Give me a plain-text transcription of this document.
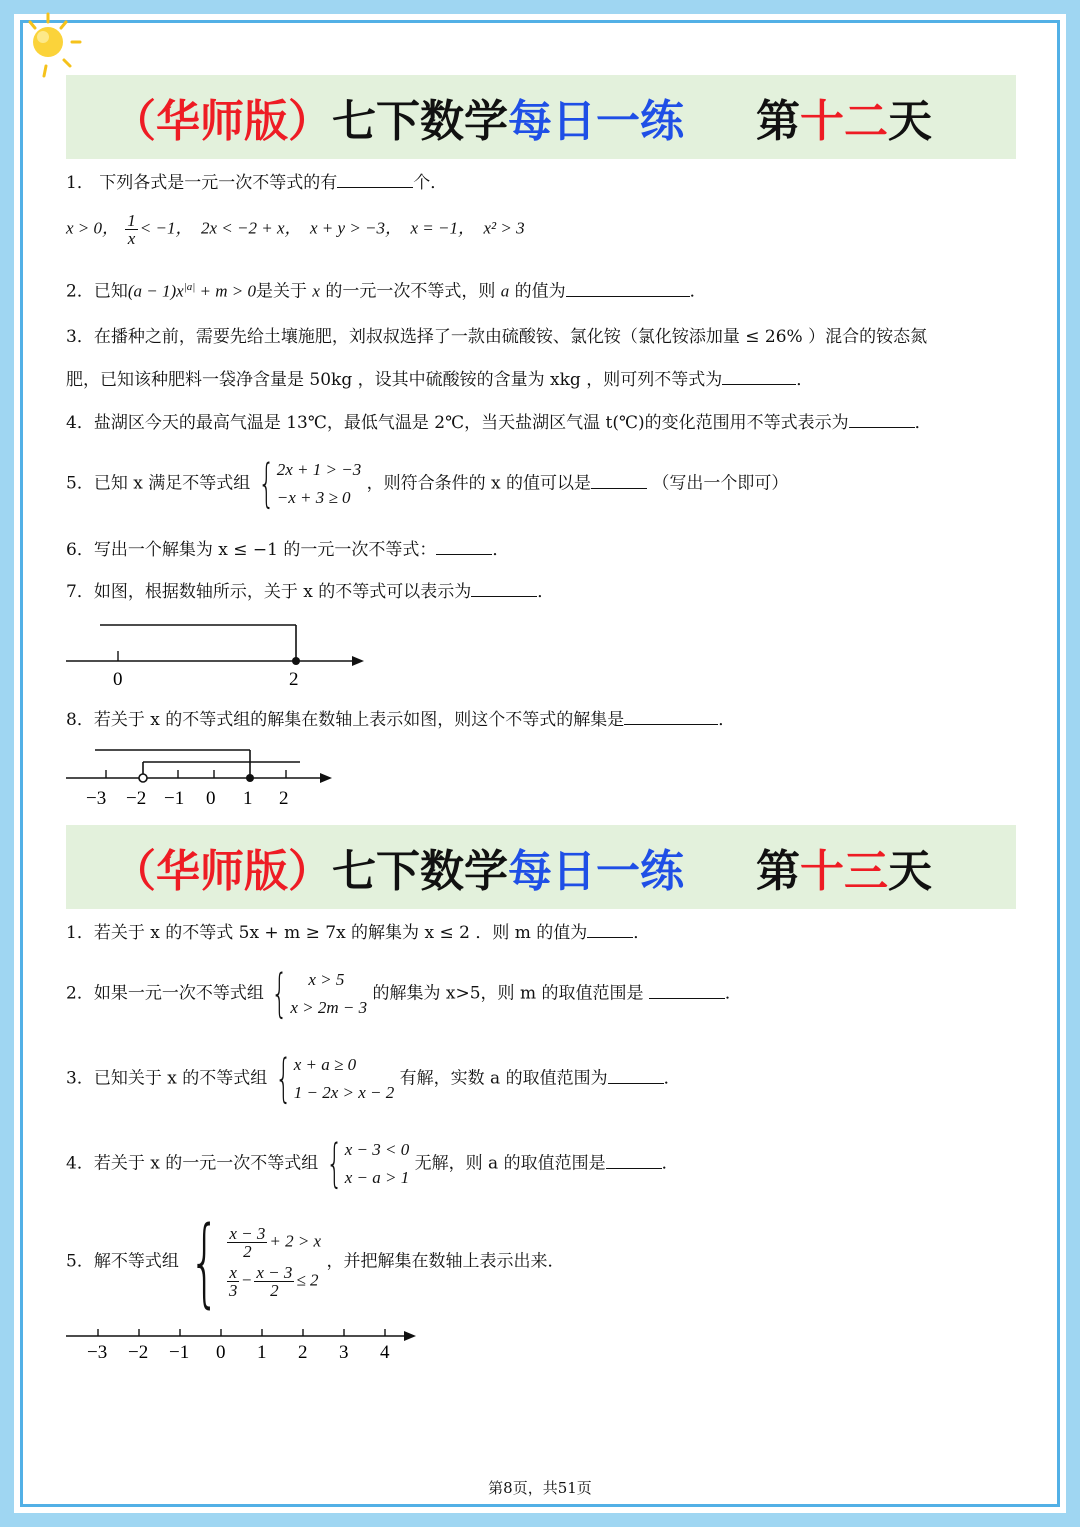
（华师版） 七下数学 每日一练 第 十二 天
1． 下列各式是一元一次不等式的有	个．
x > 0， $\frac{1}{x} < -1$， 2x < −2 + x， x + y > −3， x = −1， x² > 3
2．已知$(a - 1)x^{|a|} + m > 0$是关于 x 的一元一次不等式，则 a 的值为	．
3．在播种之前，需要先给土壤施肥，刘叔叔选择了一款由硫酸铵、氯化铵（氯化铵添加量 ≤ 26% ）混合的铵态氮
肥，已知该种肥料一袋净含量是 50kg ，设其中硫酸铵的含量为 xkg ，则可列不等式为	．
4．盐湖区今天的最高气温是 13℃，最低气温是 2℃，当天盐湖区气温 t(℃)的变化范围用不等式表示为	．
5．已知 x 满足不等式组 { 2x + 1 > −3
−x + 3 ≥ 0
，则符合条件的 x 的值可以是	（写出一个即可）
6．写出一个解集为 x ≤ −1 的一元一次不等式：	．
7．如图，根据数轴所示，关于 x 的不等式可以表示为	．
0	2
8．若关于 x 的不等式组的解集在数轴上表示如图，则这个不等式的解集是	．
−3 −2 −1 0 1 2
（华师版） 七下数学 每日一练 第 十三 天
1．若关于 x 的不等式 5x + m ≥ 7x 的解集为 x ≤ 2 ．则 m 的值为	．
2．如果一元一次不等式组 {	x > 5
x > 2m − 3
的解集为 x>5，则 m 的取值范围是	．
3．已知关于 x 的不等式组 { x + a ≥ 0
1 − 2x > x − 2
有解，实数 a 的取值范围为	．
4．若关于 x 的一元一次不等式组 { x − 3 < 0
x − a > 1
无解，则 a 的取值范围是	．
5．解不等式组 { $\frac{x - 3}{2} + 2 > x$
$\frac{x}{3} - \frac{x - 3}{2} \le 2$
，并把解集在数轴上表示出来．
−3 −2 −1 0 1 2 3 4
第8页，共51页
